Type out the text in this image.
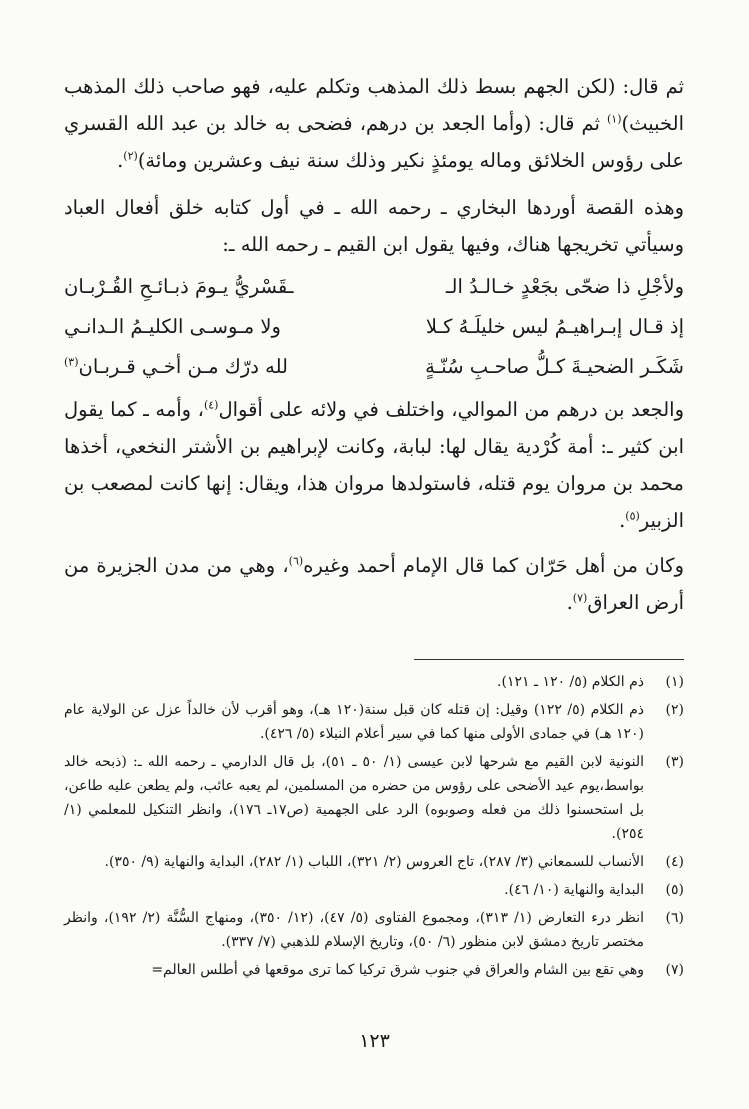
ثم قال: (لكن الجهم بسط ذلك المذهب وتكلم عليه، فهو صاحب ذلك المذهب الخبيث)$^{(١)}$ ثم قال: (وأما الجعد بن درهم، فضحى به خالد بن عبد الله القسري على رؤوس الخلائق وماله يومئذٍ نكير وذلك سنة نيف وعشرين ومائة)$^{(٢)}$.

وهذه القصة أوردها البخاري ـ رحمه الله ـ في أول كتابه خلق أفعال العباد وسيأتي تخريجها هناك، وفيها يقول ابن القيم ـ رحمه الله ـ:

ولأجْلِ ذا ضحّى بجَعْدٍ خـالـدُ الـ
ـقَسْريُّ يـومَ ذبـائـحِ القُـرْبـان
إذ قـال إبـراهيـمُ ليس خليلَـهُ كـلا
ولا مـوسـى الكليـمُ الـدانـي
شَكَـر الضحيـةَ كـلُّ صاحـبِ سُنّـةٍ
لله درّك مـن أخـي قـربـان$^{(٣)}$

والجعد بن درهم من الموالي، واختلف في ولائه على أقوال$^{(٤)}$، وأمه ـ كما يقول ابن كثير ـ: أمة كُرْدية يقال لها: لبابة، وكانت لإبراهيم بن الأشتر النخعي، أخذها محمد بن مروان يوم قتله، فاستولدها مروان هذا، ويقال: إنها كانت لمصعب بن الزبير$^{(٥)}$.

وكان من أهل حَرّان كما قال الإمام أحمد وغيره$^{(٦)}$، وهي من مدن الجزيرة من أرض العراق$^{(٧)}$.

(١)
ذم الكلام (٥/ ١٢٠ ـ ١٢١).
(٢)
ذم الكلام (٥/ ١٢٢) وقيل: إن قتله كان قبل سنة(١٢٠ هـ)، وهو أقرب لأن خالداً عزل عن الولاية عام (١٢٠ هـ) في جمادى الأولى منها كما في سير أعلام النبلاء (٥/ ٤٢٦).
(٣)
النونية لابن القيم مع شرحها لابن عيسى (١/ ٥٠ ـ ٥١)، بل قال الدارمي ـ رحمه الله ـ: (ذبحه خالد بواسط،يوم عيد الأضحى على رؤوس من حضره من المسلمين، لم يعبه عائب، ولم يطعن عليه طاعن، بل استحسنوا ذلك من فعله وصوبوه) الرد على الجهمية (ص١٧ـ ١٧٦)، وانظر التنكيل للمعلمي (١/ ٢٥٤).
(٤)
الأنساب للسمعاني (٣/ ٢٨٧)، تاج العروس (٢/ ٣٢١)، اللباب (١/ ٢٨٢)، البداية والنهاية (٩/ ٣٥٠).
(٥)
البداية والنهاية (١٠/ ٤٦).
(٦)
انظر درء التعارض (١/ ٣١٣)، ومجموع الفتاوى (٥/ ٤٧)، (١٢/ ٣٥٠)، ومنهاج السُّنَّة (٢/ ١٩٢)، وانظر مختصر تاريخ دمشق لابن منظور (٦/ ٥٠)، وتاريخ الإسلام للذهبي (٧/ ٣٣٧).
(٧)
وهي تقع بين الشام والعراق في جنوب شرق تركيا كما ترى موقعها في أطلس العالم=
١٢٣
